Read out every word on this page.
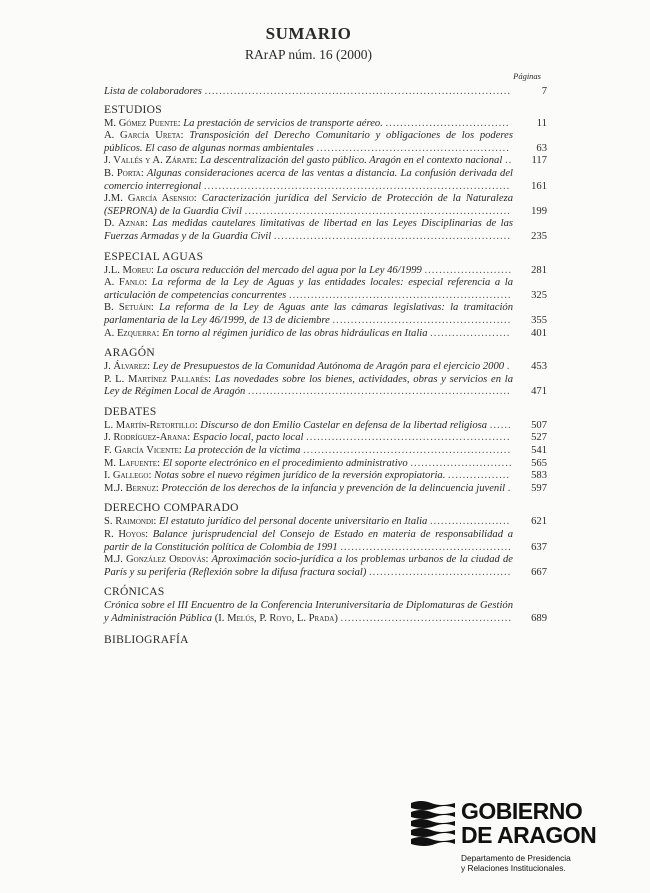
SUMARIO
RArAP núm. 16 (2000)
Páginas
Lista de colaboradores ....................................................................................	7
ESTUDIOS
M. Gómez Puente: La prestación de servicios de transporte aéreo. ..................................	11
A. García Ureta: Transposición del Derecho Comunitario y obligaciones de los poderes públicos. El caso de algunas normas ambientales .....................................................	63
J. Vallés y A. Zárate: La descentralización del gasto público. Aragón en el contexto nacional ..	117
B. Porta: Algunas consideraciones acerca de las ventas a distancia. La confusión derivada del comercio interregional ....................................................................................	161
J.M. García Asensio: Caracterización jurídica del Servicio de Protección de la Naturaleza (SEPRONA) de la Guardia Civil .........................................................................	199
D. Aznar: Las medidas cautelares limitativas de libertad en las Leyes Disciplinarias de las Fuerzas Armadas y de la Guardia Civil .................................................................	235
ESPECIAL AGUAS
J.L. Moreu: La oscura reducción del mercado del agua por la Ley 46/1999 ........................	281
A. Fanlo: La reforma de la Ley de Aguas y las entidades locales: especial referencia a la articulación de competencias concurrentes .............................................................	325
B. Setuáin: La reforma de la Ley de Aguas ante las cámaras legislativas: la tramitación parlamentaria de la Ley 46/1999, de 13 de diciembre .................................................	355
A. Ezquerra: En torno al régimen jurídico de las obras hidráulicas en Italia ......................	401
ARAGÓN
J. Álvarez: Ley de Presupuestos de la Comunidad Autónoma de Aragón para el ejercicio 2000 .	453
P. L. Martínez Pallarés: Las novedades sobre los bienes, actividades, obras y servicios en la Ley de Régimen Local de Aragón ........................................................................	471
DEBATES
L. Martín-Retortillo: Discurso de don Emilio Castelar en defensa de la libertad religiosa ......	507
J. Rodríguez-Arana: Espacio local, pacto local ........................................................	527
F. García Vicente: La protección de la víctima .........................................................	541
M. Lafuente: El soporte electrónico en el procedimiento administrativo ............................	565
I. Gallego: Notas sobre el nuevo régimen jurídico de la reversión expropiatoria. .................	583
M.J. Bernuz: Protección de los derechos de la infancia y prevención de la delincuencia juvenil .	597
DERECHO COMPARADO
S. Raimondi: El estatuto jurídico del personal docente universitario en Italia ......................	621
R. Hoyos: Balance jurisprudencial del Consejo de Estado en materia de responsabilidad a partir de la Constitución política de Colombia de 1991 ...............................................	637
M.J. González Ordovás: Aproximación socio-jurídica a los problemas urbanos de la ciudad de París y su periferia (Reflexión sobre la difusa fractura social) .......................................	667
CRÓNICAS
Crónica sobre el III Encuentro de la Conferencia Interuniversitaria de Diplomaturas de Gestión y Administración Pública (I. Melús, P. Royo, L. Prada) ...............................................	689
BIBLIOGRAFÍA
GOBIERNO
DE ARAGON
Departamento de Presidencia
y Relaciones Institucionales.
